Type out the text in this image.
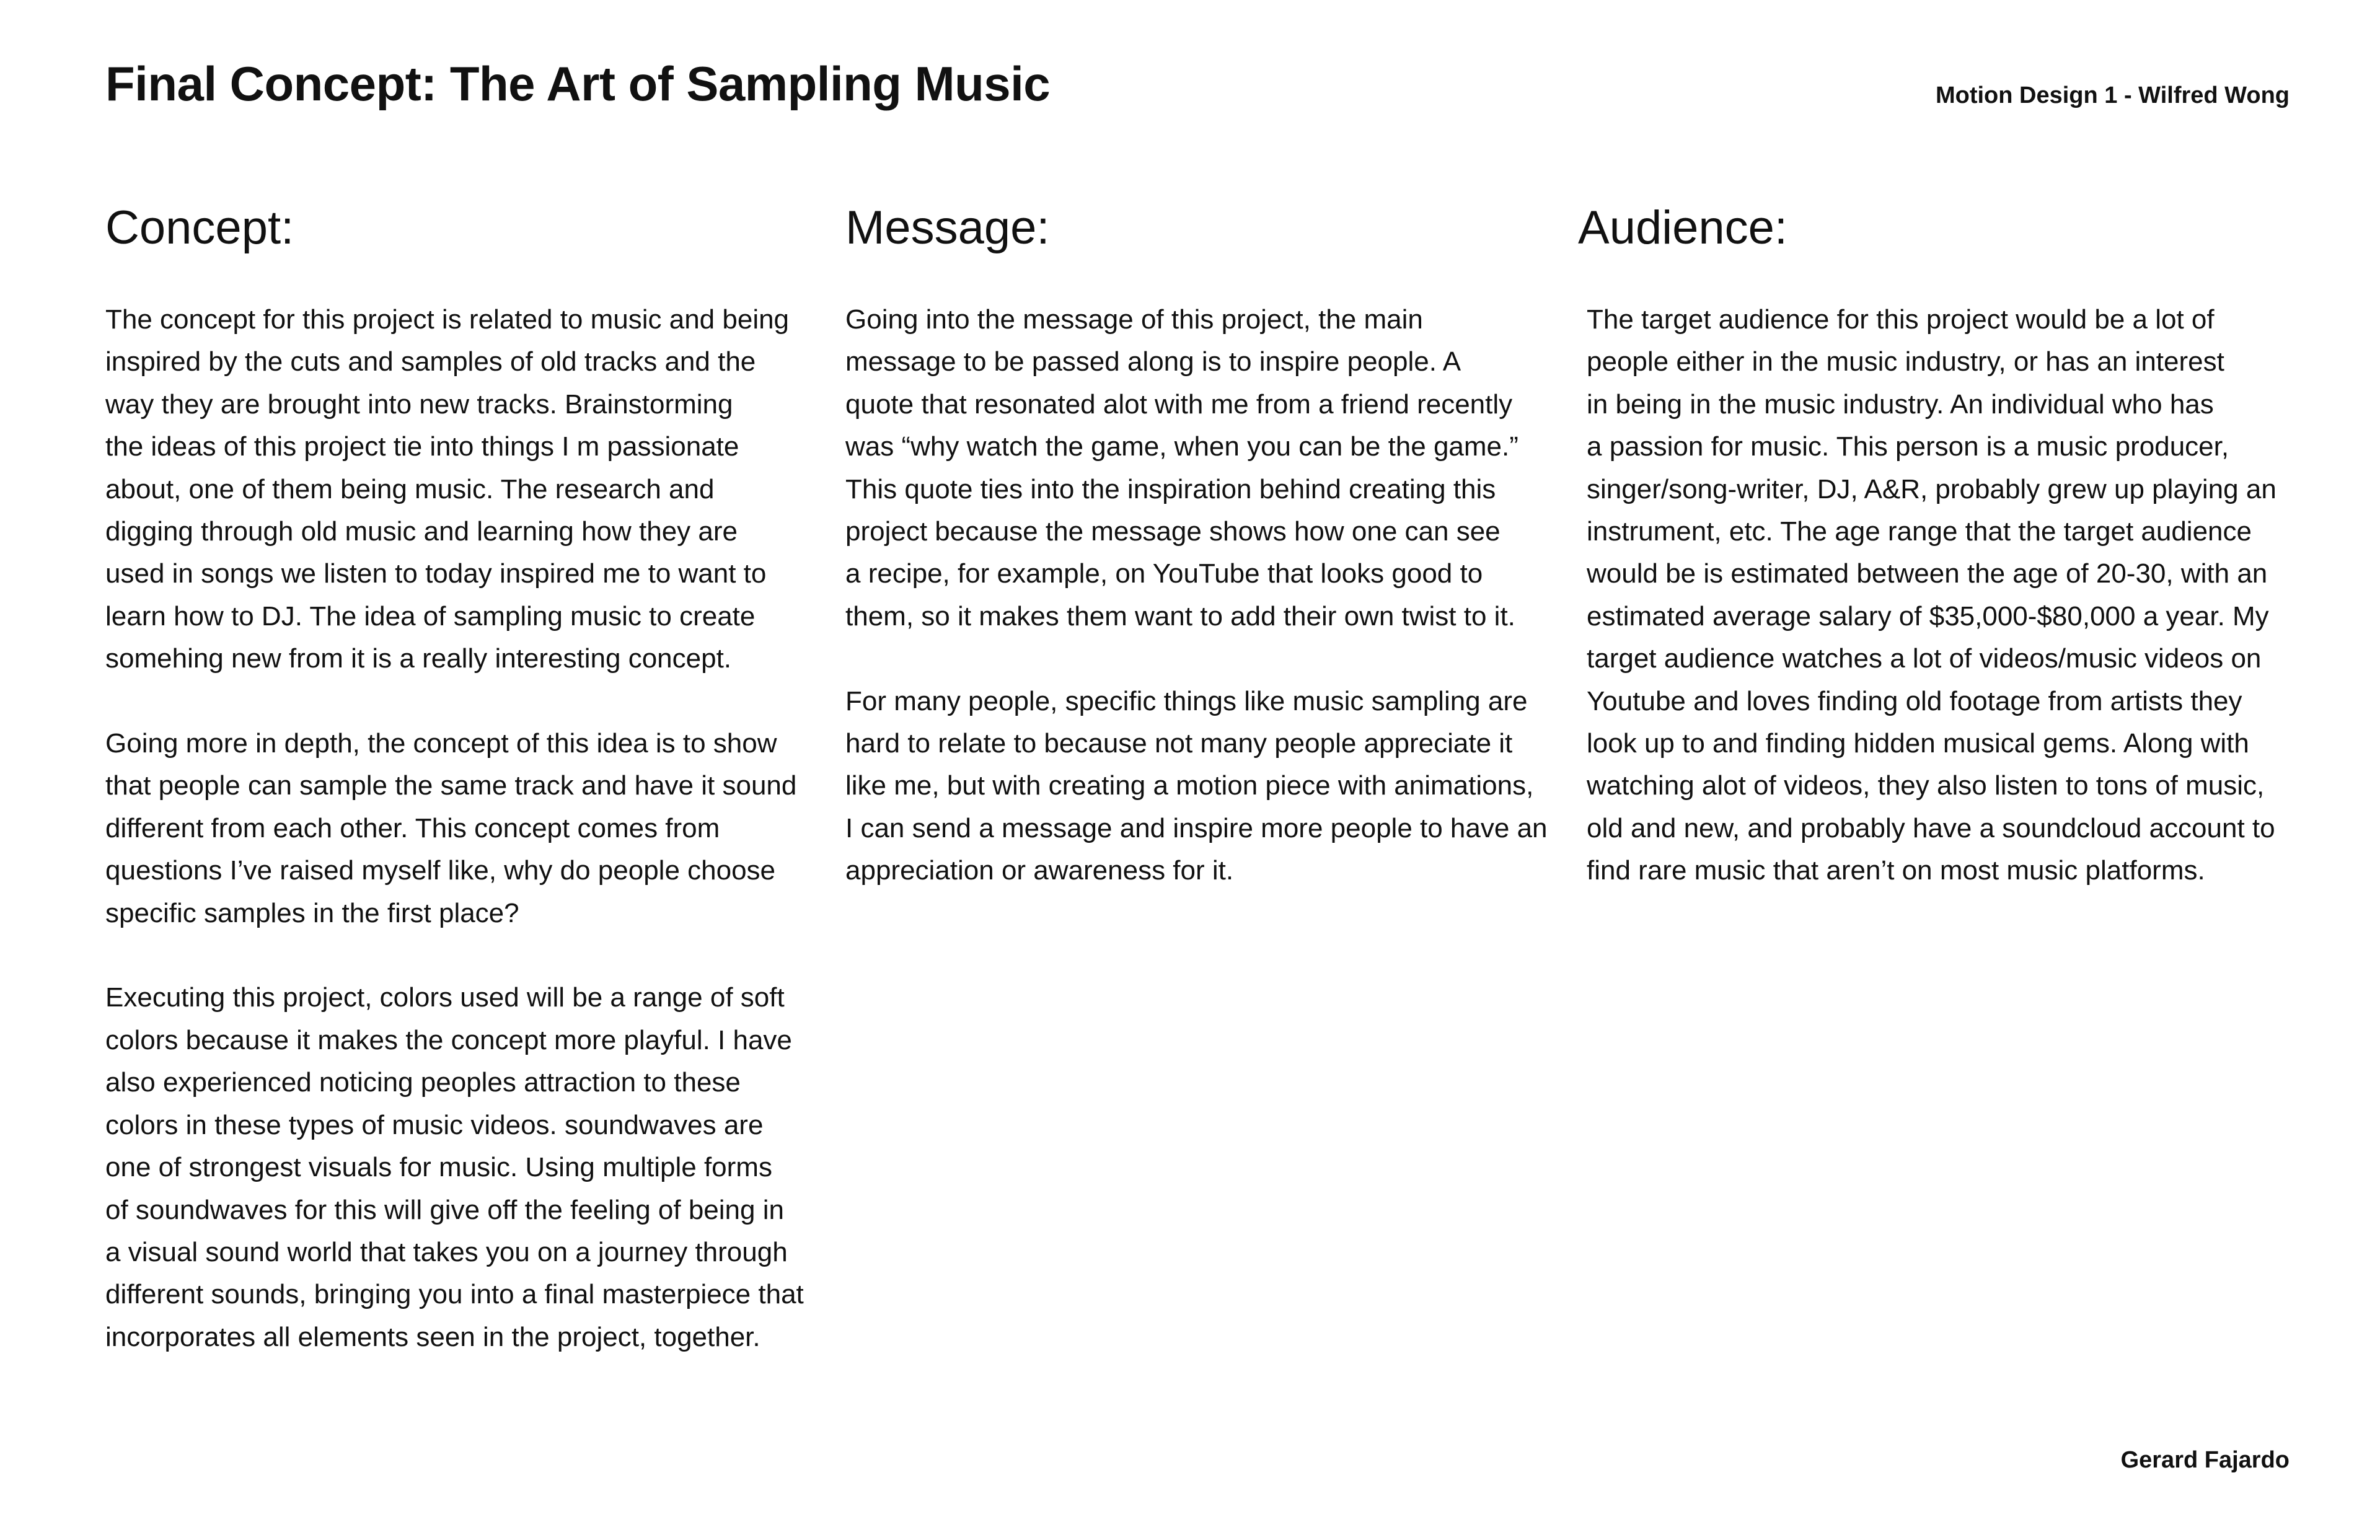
Final Concept: The Art of Sampling Music	Motion Design 1 - Wilfred Wong
Concept:

The concept for this project is related to music and being
inspired by the cuts and samples of old tracks and the
way they are brought into new tracks. Brainstorming
the ideas of this project tie into things I m passionate
about, one of them being music. The research and
digging through old music and learning how they are
used in songs we listen to today inspired me to want to
learn how to DJ. The idea of sampling music to create
somehing new from it is a really interesting concept.

Going more in depth, the concept of this idea is to show
that people can sample the same track and have it sound
different from each other. This concept comes from
questions I’ve raised myself like, why do people choose
specific samples in the first place?

Executing this project, colors used will be a range of soft
colors because it makes the concept more playful. I have
also experienced noticing peoples attraction to these
colors in these types of music videos. soundwaves are
one of strongest visuals for music. Using multiple forms
of soundwaves for this will give off the feeling of being in
a visual sound world that takes you on a journey through
different sounds, bringing you into a final masterpiece that
incorporates all elements seen in the project, together.

Message:

Going into the message of this project, the main
message to be passed along is to inspire people. A
quote that resonated alot with me from a friend recently
was “why watch the game, when you can be the game.”
This quote ties into the inspiration behind creating this
project because the message shows how one can see
a recipe, for example, on YouTube that looks good to
them, so it makes them want to add their own twist to it.

For many people, specific things like music sampling are
hard to relate to because not many people appreciate it
like me, but with creating a motion piece with animations,
I can send a message and inspire more people to have an
appreciation or awareness for it.

Audience:

The target audience for this project would be a lot of
people either in the music industry, or has an interest
in being in the music industry. An individual who has
a passion for music. This person is a music producer,
singer/song-writer, DJ, A&R, probably grew up playing an
instrument, etc. The age range that the target audience
would be is estimated between the age of 20-30, with an
estimated average salary of $35,000-$80,000 a year. My
target audience watches a lot of videos/music videos on
Youtube and loves finding old footage from artists they
look up to and finding hidden musical gems. Along with
watching alot of videos, they also listen to tons of music,
old and new, and probably have a soundcloud account to
find rare music that aren’t on most music platforms.

Gerard Fajardo
